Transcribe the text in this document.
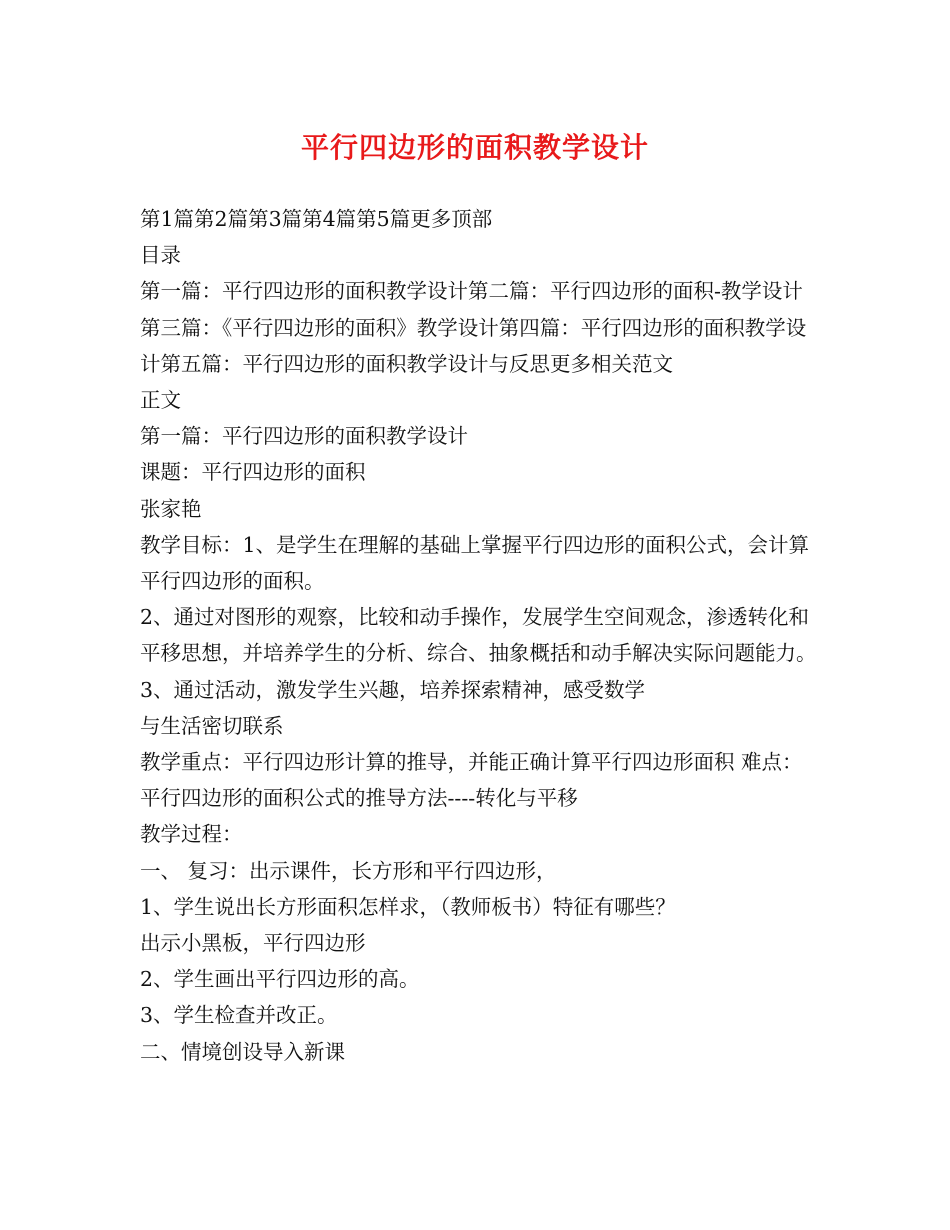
平行四边形的面积教学设计

第1篇第2篇第3篇第4篇第5篇更多顶部

目录

第一篇：平行四边形的面积教学设计第二篇：平行四边形的面积-教学设计第三篇：《平行四边形的面积》教学设计第四篇：平行四边形的面积教学设计第五篇：平行四边形的面积教学设计与反思更多相关范文

正文

第一篇：平行四边形的面积教学设计

课题：平行四边形的面积

张家艳

教学目标：1、是学生在理解的基础上掌握平行四边形的面积公式，会计算平行四边形的面积。

2、通过对图形的观察，比较和动手操作，发展学生空间观念，渗透转化和平移思想，并培养学生的分析、综合、抽象概括和动手解决实际问题能力。

3、通过活动，激发学生兴趣，培养探索精神，感受数学

与生活密切联系

教学重点：平行四边形计算的推导，并能正确计算平行四边形面积 难点：平行四边形的面积公式的推导方法----转化与平移

教学过程：

一、 复习：出示课件，长方形和平行四边形，

1、学生说出长方形面积怎样求，（教师板书）特征有哪些？

出示小黑板，平行四边形

2、学生画出平行四边形的高。

3、学生检查并改正。

二、情境创设导入新课
